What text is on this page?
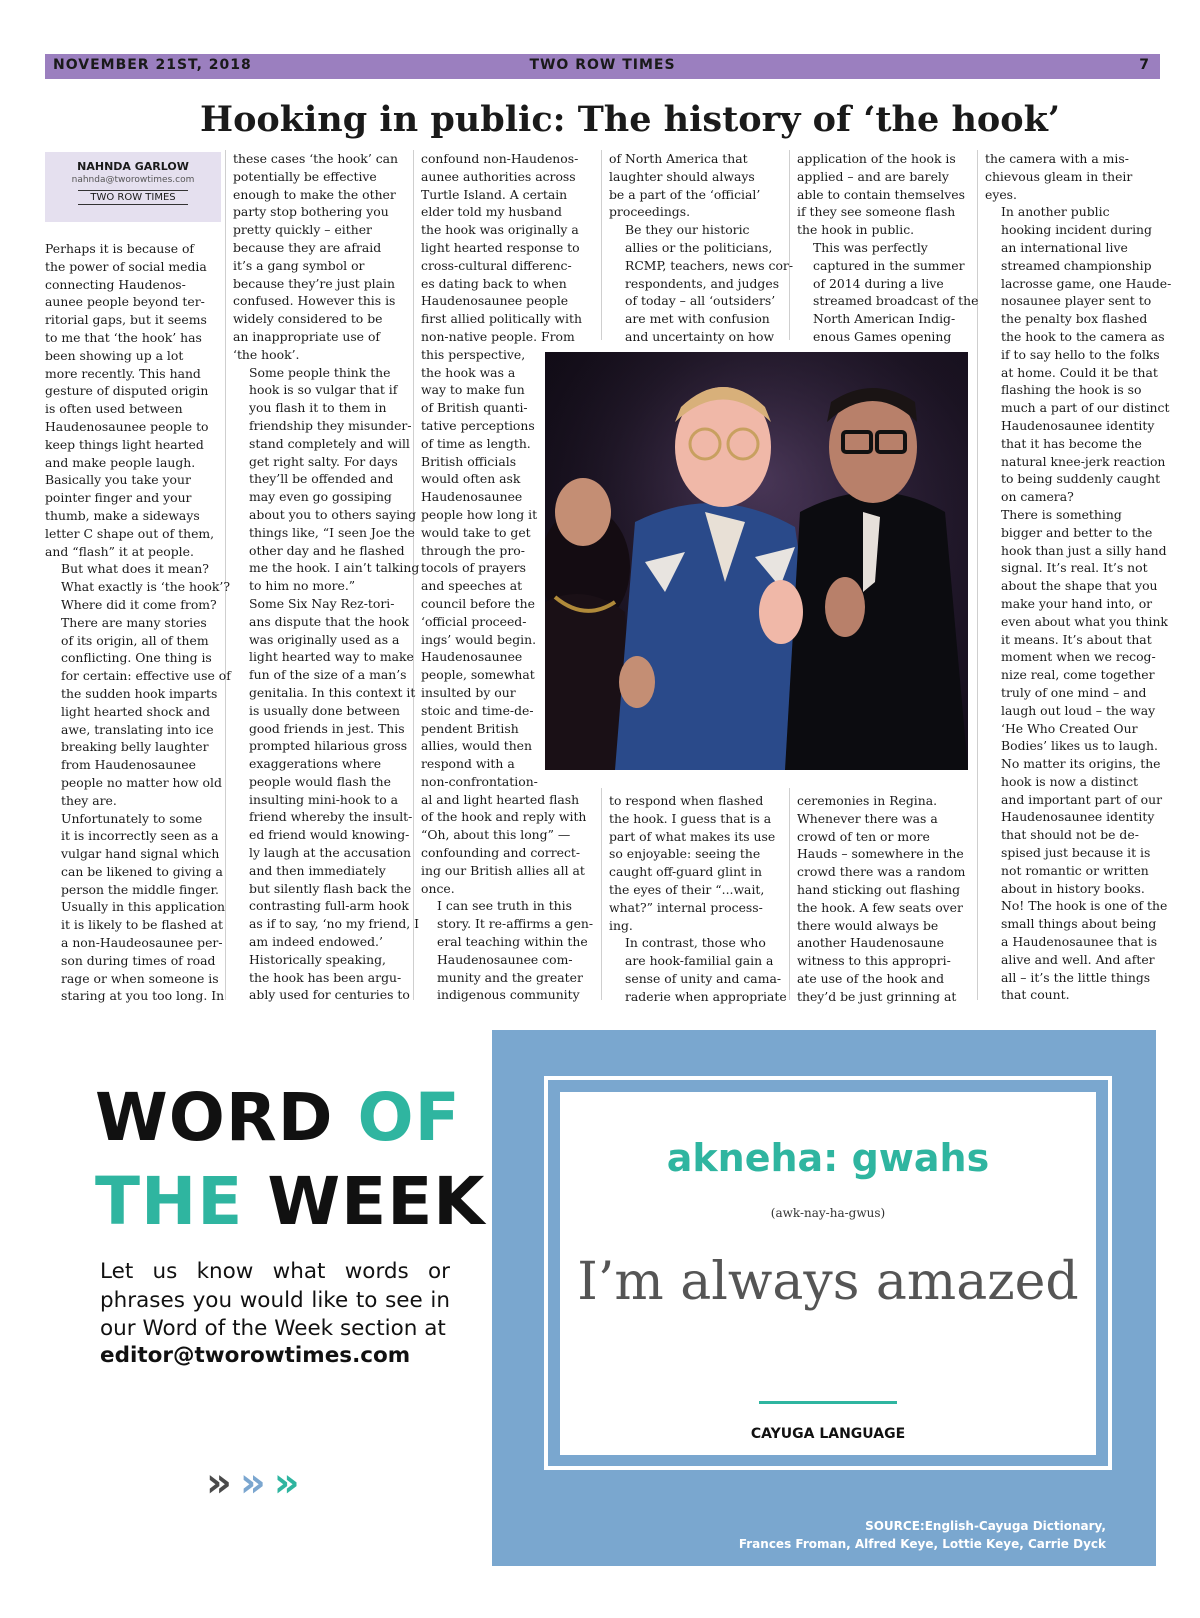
NOVEMBER 21ST, 2018	TWO ROW TIMES	7
Hooking in public: The history of ‘the hook’
NAHNDA GARLOW
nahnda@tworowtimes.com
TWO ROW TIMES

Perhaps it is because of
the power of social media
connecting Haudenos-
aunee people beyond ter-
ritorial gaps, but it seems
to me that ‘the hook’ has
been showing up a lot
more recently. This hand
gesture of disputed origin
is often used between
Haudenosaunee people to
keep things light hearted
and make people laugh.
Basically you take your
pointer finger and your
thumb, make a sideways
letter C shape out of them,
and “flash” it at people.

But what does it mean?
What exactly is ‘the hook’?
Where did it come from?
There are many stories
of its origin, all of them
conflicting. One thing is
for certain: effective use of
the sudden hook imparts
light hearted shock and
awe, translating into ice
breaking belly laughter
from Haudenosaunee
people no matter how old
they are.

Unfortunately to some
it is incorrectly seen as a
vulgar hand signal which
can be likened to giving a
person the middle finger.
Usually in this application
it is likely to be flashed at
a non-Haudeosaunee per-
son during times of road
rage or when someone is
staring at you too long. In

these cases ‘the hook’ can
potentially be effective
enough to make the other
party stop bothering you
pretty quickly – either
because they are afraid
it’s a gang symbol or
because they’re just plain
confused. However this is
widely considered to be
an inappropriate use of
‘the hook’.

Some people think the
hook is so vulgar that if
you flash it to them in
friendship they misunder-
stand completely and will
get right salty. For days
they’ll be offended and
may even go gossiping
about you to others saying
things like, “I seen Joe the
other day and he flashed
me the hook. I ain’t talking
to him no more.”

Some Six Nay Rez-tori-
ans dispute that the hook
was originally used as a
light hearted way to make
fun of the size of a man’s
genitalia. In this context it
is usually done between
good friends in jest. This
prompted hilarious gross
exaggerations where
people would flash the
insulting mini-hook to a
friend whereby the insult-
ed friend would knowing-
ly laugh at the accusation
and then immediately
but silently flash back the
contrasting full-arm hook
as if to say, ‘no my friend, I
am indeed endowed.’

Historically speaking,
the hook has been argu-
ably used for centuries to

confound non-Haudenos-
aunee authorities across
Turtle Island. A certain
elder told my husband
the hook was originally a
light hearted response to
cross-cultural differenc-
es dating back to when
Haudenosaunee people
first allied politically with
non-native people. From
this perspective,
the hook was a
way to make fun
of British quanti-
tative perceptions
of time as length.
British officials
would often ask
Haudenosaunee
people how long it
would take to get
through the pro-
tocols of prayers
and speeches at
council before the
‘official proceed-
ings’ would begin.
Haudenosaunee
people, somewhat
insulted by our
stoic and time-de-
pendent British
allies, would then
respond with a
non-confrontation-
al and light hearted flash
of the hook and reply with
“Oh, about this long” —
confounding and correct-
ing our British allies all at
once.

I can see truth in this
story. It re-affirms a gen-
eral teaching within the
Haudenosaunee com-
munity and the greater
indigenous community

of North America that
laughter should always
be a part of the ‘official’
proceedings.

Be they our historic
allies or the politicians,
RCMP, teachers, news cor-
respondents, and judges
of today – all ‘outsiders’
are met with confusion
and uncertainty on how

application of the hook is
applied – and are barely
able to contain themselves
if they see someone flash
the hook in public.

This was perfectly
captured in the summer
of 2014 during a live
streamed broadcast of the
North American Indig-
enous Games opening

to respond when flashed
the hook. I guess that is a
part of what makes its use
so enjoyable: seeing the
caught off-guard glint in
the eyes of their “...wait,
what?” internal process-
ing.

In contrast, those who
are hook-familial gain a
sense of unity and cama-
raderie when appropriate

ceremonies in Regina.
Whenever there was a
crowd of ten or more
Hauds – somewhere in the
crowd there was a random
hand sticking out flashing
the hook. A few seats over
there would always be
another Haudenosaune
witness to this appropri-
ate use of the hook and
they’d be just grinning at

the camera with a mis-
chievous gleam in their
eyes.

In another public
hooking incident during
an international live
streamed championship
lacrosse game, one Haude-
nosaunee player sent to
the penalty box flashed
the hook to the camera as
if to say hello to the folks
at home. Could it be that
flashing the hook is so
much a part of our distinct
Haudenosaunee identity
that it has become the
natural knee-jerk reaction
to being suddenly caught
on camera?

There is something
bigger and better to the
hook than just a silly hand
signal. It’s real. It’s not
about the shape that you
make your hand into, or
even about what you think
it means. It’s about that
moment when we recog-
nize real, come together
truly of one mind – and
laugh out loud – the way
‘He Who Created Our
Bodies’ likes us to laugh.
No matter its origins, the
hook is now a distinct
and important part of our
Haudenosaunee identity
that should not be de-
spised just because it is
not romantic or written
about in history books.
No! The hook is one of the
small things about being
a Haudenosaunee that is
alive and well. And after
all – it’s the little things
that count.

WORD OF
THE WEEK
Let us know what words or phrases you would like to see in our Word of the Week section at
editor@tworowtimes.com
»»»
akneha: gwahs
(awk-nay-ha-gwus)
I’m always amazed
CAYUGA LANGUAGE
SOURCE:English-Cayuga Dictionary,
Frances Froman, Alfred Keye, Lottie Keye, Carrie Dyck
